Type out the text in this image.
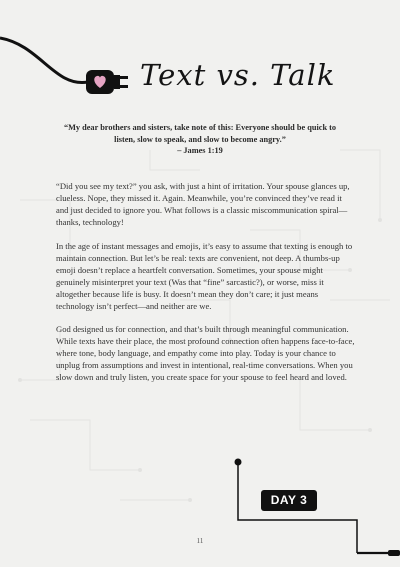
Text vs. Talk
“My dear brothers and sisters, take note of this: Everyone should be quick to listen, slow to speak, and slow to become angry.”
– James 1:19

“Did you see my text?” you ask, with just a hint of irritation. Your spouse glances up, clueless. Nope, they missed it. Again. Meanwhile, you’re convinced they’ve read it and just decided to ignore you. What follows is a classic miscommunication spiral—thanks, technology!

In the age of instant messages and emojis, it’s easy to assume that texting is enough to maintain connection. But let’s be real: texts are convenient, not deep. A thumbs-up emoji doesn’t replace a heartfelt conversation. Sometimes, your spouse might genuinely misinterpret your text (Was that “fine” sarcastic?), or worse, miss it altogether because life is busy. It doesn’t mean they don’t care; it just means technology isn’t perfect—and neither are we.

God designed us for connection, and that’s built through meaningful communication. While texts have their place, the most profound connection often happens face-to-face, where tone, body language, and empathy come into play. Today is your chance to unplug from assumptions and invest in intentional, real-time conversations. When you slow down and truly listen, you create space for your spouse to feel heard and loved.

DAY 3
11
